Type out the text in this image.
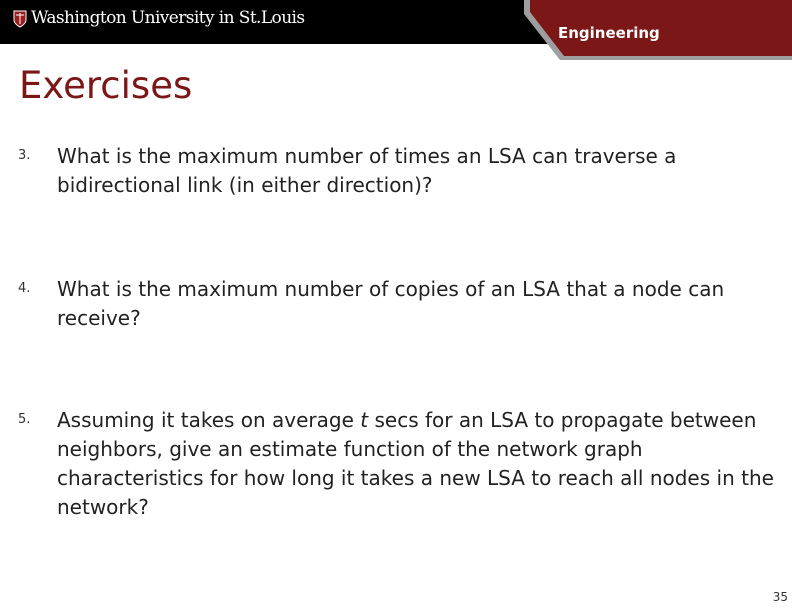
Washington University in St.Louis
Engineering
Exercises
3. What is the maximum number of times an LSA can traverse a bidirectional link (in either direction)?
4. What is the maximum number of copies of an LSA that a node can receive?
5. Assuming it takes on average t secs for an LSA to propagate between neighbors, give an estimate function of the network graph characteristics for how long it takes a new LSA to reach all nodes in the network?
35
